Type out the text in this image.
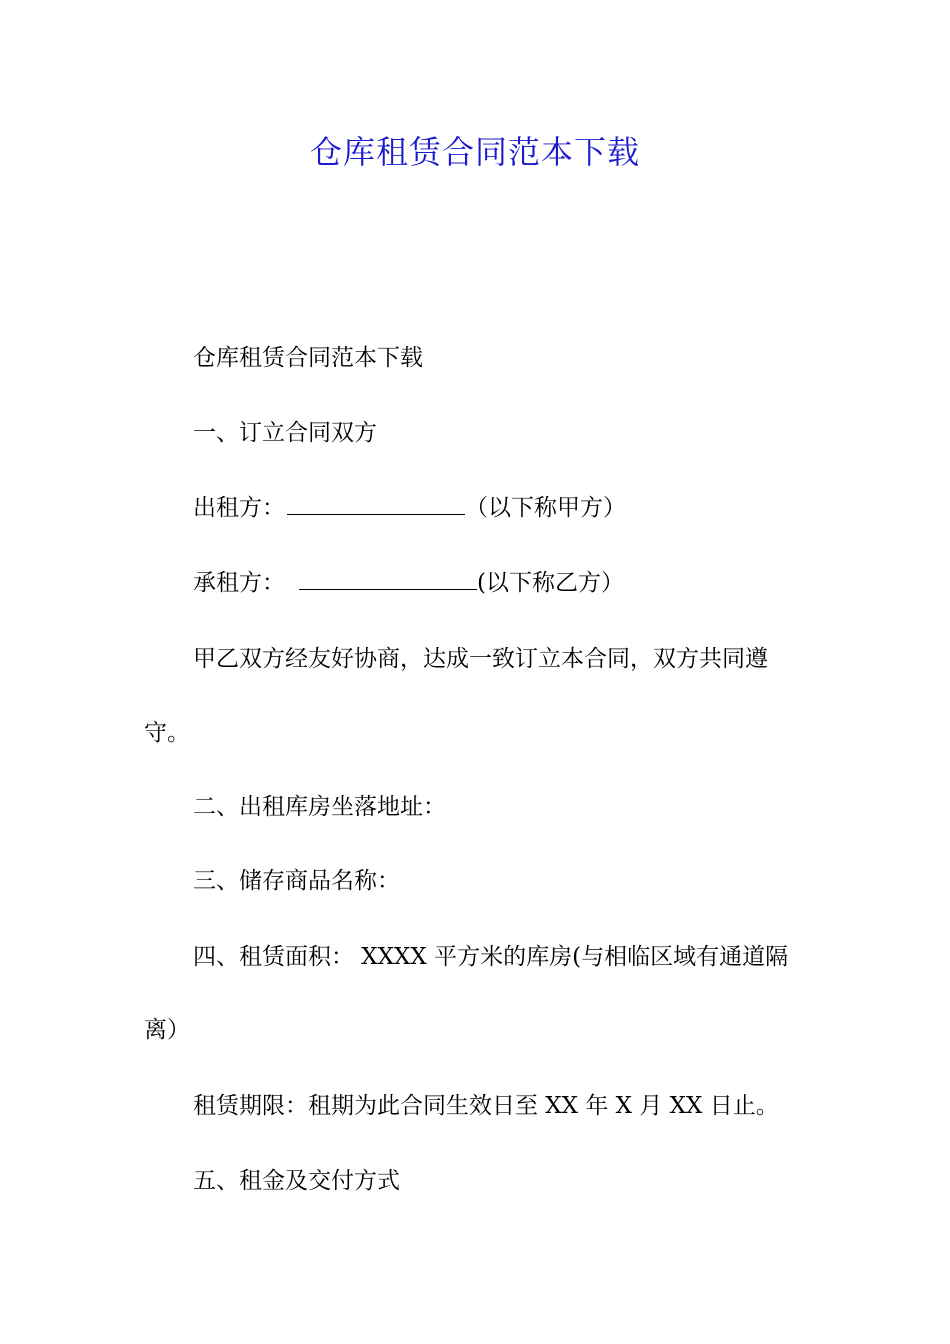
仓库租赁合同范本下载

仓库租赁合同范本下载

一、订立合同双方

出租方：	（以下称甲方）

承租方：	(以下称乙方）

甲乙双方经友好协商，达成一致订立本合同，双方共同遵

守。

二、出租库房坐落地址：

三、储存商品名称：

四、租赁面积： XXXX 平方米的库房(与相临区域有通道隔

离）

租赁期限：租期为此合同生效日至 XX 年 X 月 XX 日止。

五、租金及交付方式
